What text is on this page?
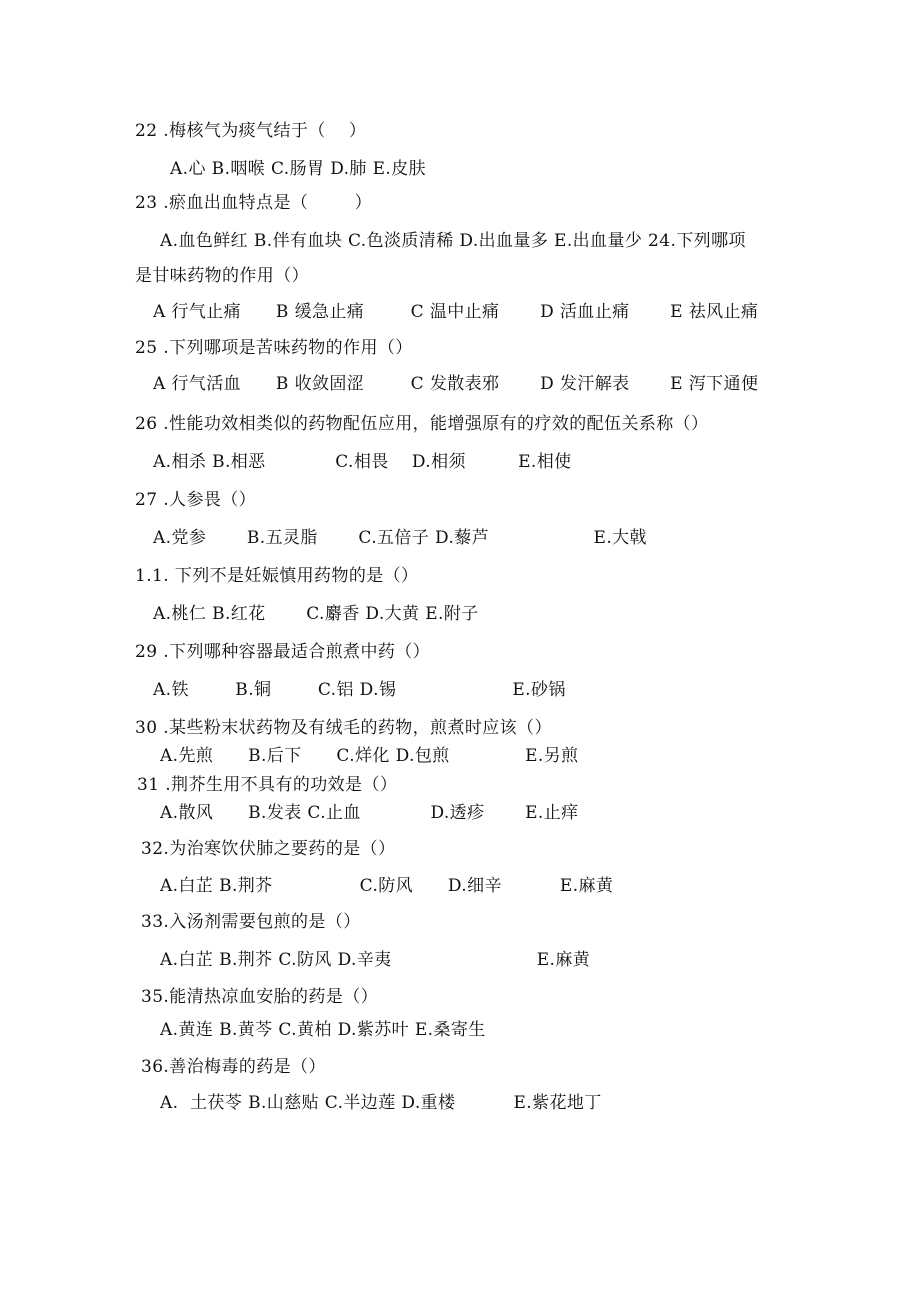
22 .梅核气为痰气结于（    ）
A.心 B.咽喉 C.肠胃 D.肺 E.皮肤
23 .瘀血出血特点是（        ）
A.血色鲜红 B.伴有血块 C.色淡质清稀 D.出血量多 E.出血量少 24.下列哪项
是甘味药物的作用（）
A 行气止痛      B 缓急止痛        C 温中止痛       D 活血止痛       E 祛风止痛
25 .下列哪项是苦味药物的作用（）
A 行气活血      B 收敛固涩        C 发散表邪       D 发汗解表       E 泻下通便
26 .性能功效相类似的药物配伍应用，能增强原有的疗效的配伍关系称（）
A.相杀 B.相恶            C.相畏    D.相须         E.相使
27 .人参畏（）
A.党参       B.五灵脂       C.五倍子 D.藜芦                  E.大戟
1.1. 下列不是妊娠慎用药物的是（）
A.桃仁 B.红花       C.麝香 D.大黄 E.附子
29 .下列哪种容器最适合煎煮中药（）
A.铁        B.铜        C.铝 D.锡                    E.砂锅
30 .某些粉末状药物及有绒毛的药物，煎煮时应该（）
A.先煎      B.后下      C.烊化 D.包煎             E.另煎
31 .荆芥生用不具有的功效是（）
A.散风      B.发表 C.止血            D.透疹       E.止痒
32.为治寒饮伏肺之要药的是（）
A.白芷 B.荆芥               C.防风      D.细辛          E.麻黄
33.入汤剂需要包煎的是（）
A.白芷 B.荆芥 C.防风 D.辛夷                         E.麻黄
35.能清热凉血安胎的药是（）
A.黄连 B.黄芩 C.黄柏 D.紫苏叶 E.桑寄生
36.善治梅毒的药是（）
A.  土茯苓 B.山慈贴 C.半边莲 D.重楼          E.紫花地丁
